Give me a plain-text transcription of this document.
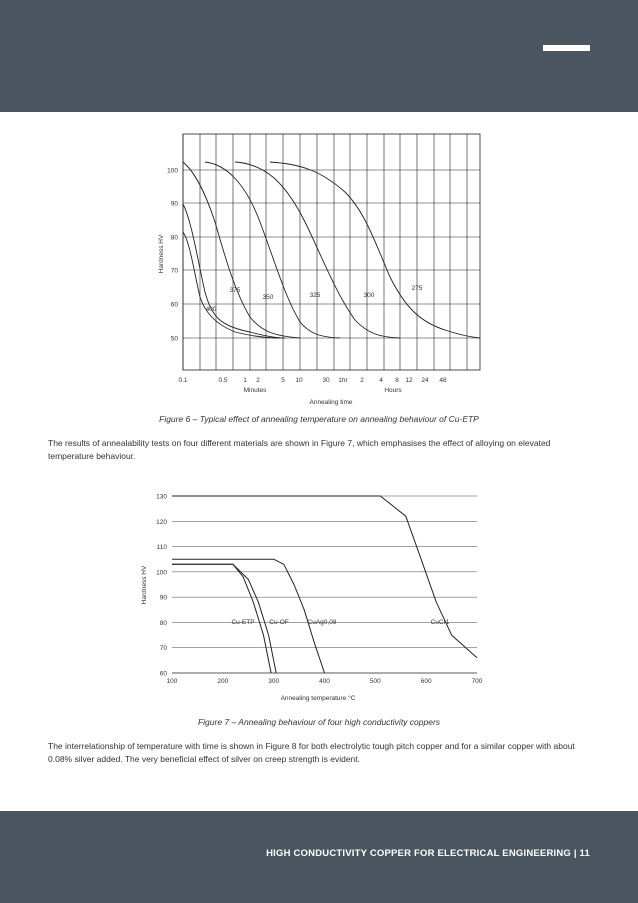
100
90
80
70
60
50
0.1	0.5 1 2	5 10	30 1hr 2 4 8 12 24 48
Minutes	Hours
Annealing time
Hardness HV
400
375
350	325	300
275
Figure 6 – Typical effect of annealing temperature on annealing behaviour of Cu-ETP
The results of annealability tests on four different materials are shown in Figure 7, which emphasises the effect of alloying on elevated temperature behaviour.
130
120
110
100
90
80
70
60
100	200	300	400	500	600	700
Annealing temperature °C
Hardness HV
Cu-ETP Cu-OF	CuAg0,08	CuCr1
Figure 7 – Annealing behaviour of four high conductivity coppers
The interrelationship of temperature with time is shown in Figure 8 for both electrolytic tough pitch copper and for a similar copper with about 0.08% silver added. The very beneficial effect of silver on creep strength is evident.
HIGH CONDUCTIVITY COPPER FOR ELECTRICAL ENGINEERING | 11
